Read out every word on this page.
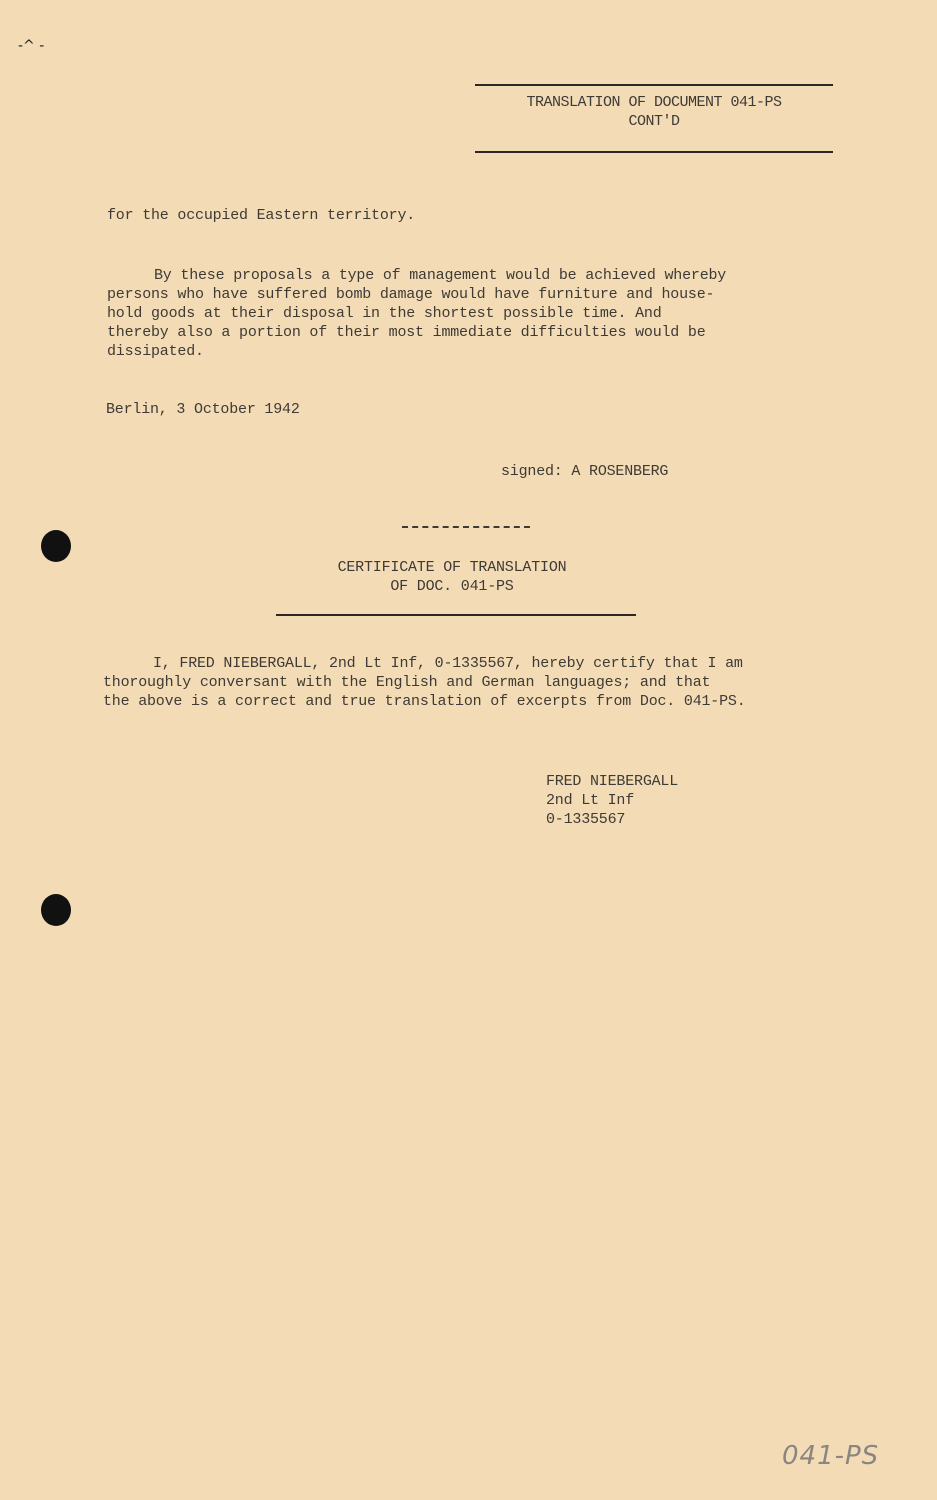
-^ -
TRANSLATION OF DOCUMENT 041-PS
CONT'D
for the occupied Eastern territory.
By these proposals a type of management would be achieved whereby
persons who have suffered bomb damage would have furniture and house-
hold goods at their disposal in the shortest possible time. And
thereby also a portion of their most immediate difficulties would be
dissipated.
Berlin, 3 October 1942
signed: A ROSENBERG
CERTIFICATE OF TRANSLATION
OF DOC. 041-PS
I, FRED NIEBERGALL, 2nd Lt Inf, 0-1335567, hereby certify that I am
thoroughly conversant with the English and German languages; and that
the above is a correct and true translation of excerpts from Doc. 041-PS.
FRED NIEBERGALL
2nd Lt Inf
0-1335567
041-PS
